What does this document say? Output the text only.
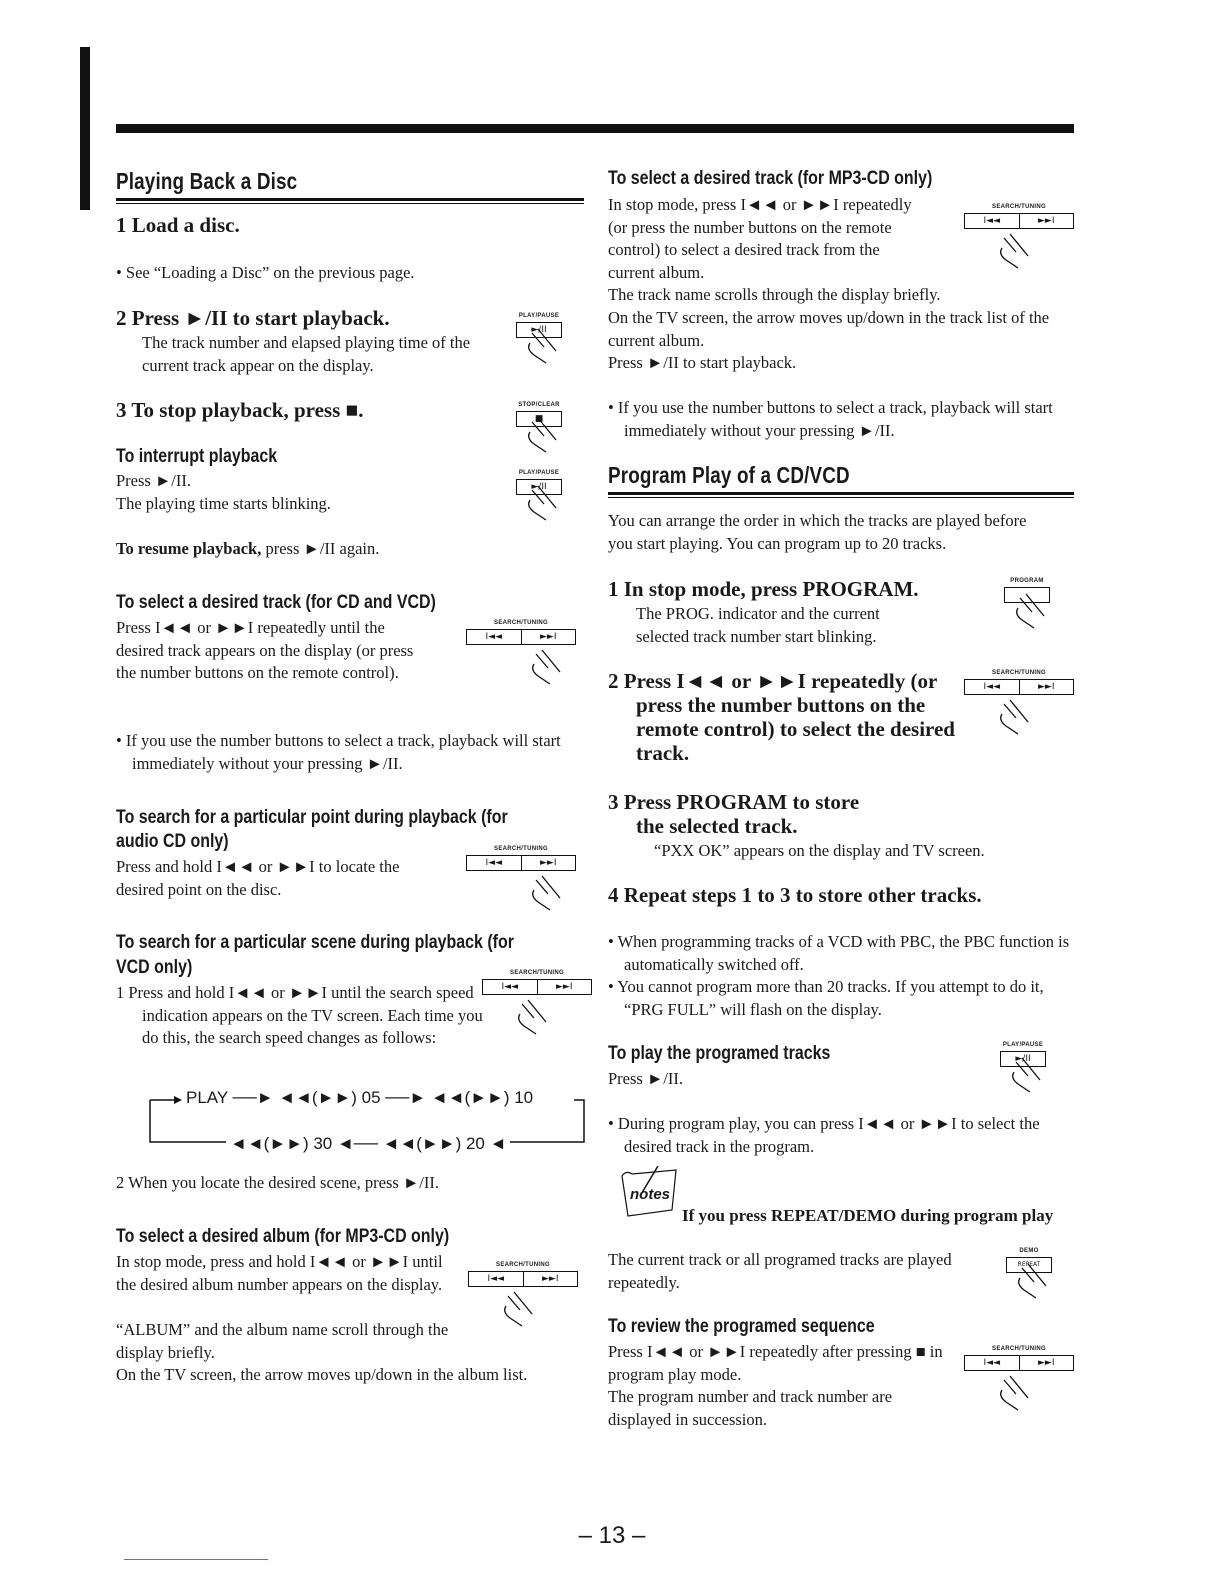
Playing Back a Disc
1 Load a disc.
• See “Loading a Disc” on the previous page.
2 Press ►/II to start playback.
The track number and elapsed playing time of the current track appear on the display.
PLAY/PAUSE
►/II
3 To stop playback, press ■.	STOP/CLEAR
■
To interrupt playback
Press ►/II.
The playing time starts blinking.
PLAY/PAUSE
►/II
To resume playback, press ►/II again.
To select a desired track (for CD and VCD)
Press I◄◄ or ►►I repeatedly until the desired track appears on the display (or press the number buttons on the remote control).
SEARCH/TUNING
I◄◄	►►I
• If you use the number buttons to select a track, playback will start immediately without your pressing ►/II.
To search for a particular point during playback (for
audio CD only)
Press and hold I◄◄ or ►►I to locate the desired point on the disc.
SEARCH/TUNING
I◄◄	►►I
To search for a particular scene during playback (for
VCD only)
1 Press and hold I◄◄ or ►►I until the search speed indication appears on the TV screen. Each time you do this, the search speed changes as follows:
SEARCH/TUNING
I◄◄	►►I
PLAY ──► ◄◄(►►) 05 ──► ◄◄(►►) 10
◄◄(►►) 30 ◄── ◄◄(►►) 20 ◄
2 When you locate the desired scene, press ►/II.
To select a desired album (for MP3-CD only)
In stop mode, press and hold I◄◄ or ►►I until the desired album number appears on the display.
“ALBUM” and the album name scroll through the display briefly.
On the TV screen, the arrow moves up/down in the album list.
SEARCH/TUNING
I◄◄	►►I
To select a desired track (for MP3-CD only)
In stop mode, press I◄◄ or ►►I repeatedly (or press the number buttons on the remote control) to select a desired track from the current album.
The track name scrolls through the display briefly.
On the TV screen, the arrow moves up/down in the track list of the current album.
Press ►/II to start playback.
SEARCH/TUNING
I◄◄	►►I
• If you use the number buttons to select a track, playback will start immediately without your pressing ►/II.
Program Play of a CD/VCD
You can arrange the order in which the tracks are played before you start playing. You can program up to 20 tracks.
1 In stop mode, press PROGRAM.
The PROG. indicator and the current selected track number start blinking.
PROGRAM
2 Press I◄◄ or ►►I repeatedly (or press the number buttons on the remote control) to select the desired track.
SEARCH/TUNING
I◄◄	►►I
3 Press PROGRAM to store
the selected track.
“PXX OK” appears on the display and TV screen.
4 Repeat steps 1 to 3 to store other tracks.
• When programming tracks of a VCD with PBC, the PBC function is automatically switched off.
• You cannot program more than 20 tracks. If you attempt to do it, “PRG FULL” will flash on the display.
To play the programed tracks
Press ►/II.
PLAY/PAUSE
►/II
• During program play, you can press I◄◄ or ►►I to select the desired track in the program.
notes
If you press REPEAT/DEMO during program play
The current track or all programed tracks are played repeatedly.
DEMO
REPEAT
To review the programed sequence
Press I◄◄ or ►►I repeatedly after pressing ■ in program play mode.
The program number and track number are displayed in succession.
SEARCH/TUNING
I◄◄	►►I
– 13 –
